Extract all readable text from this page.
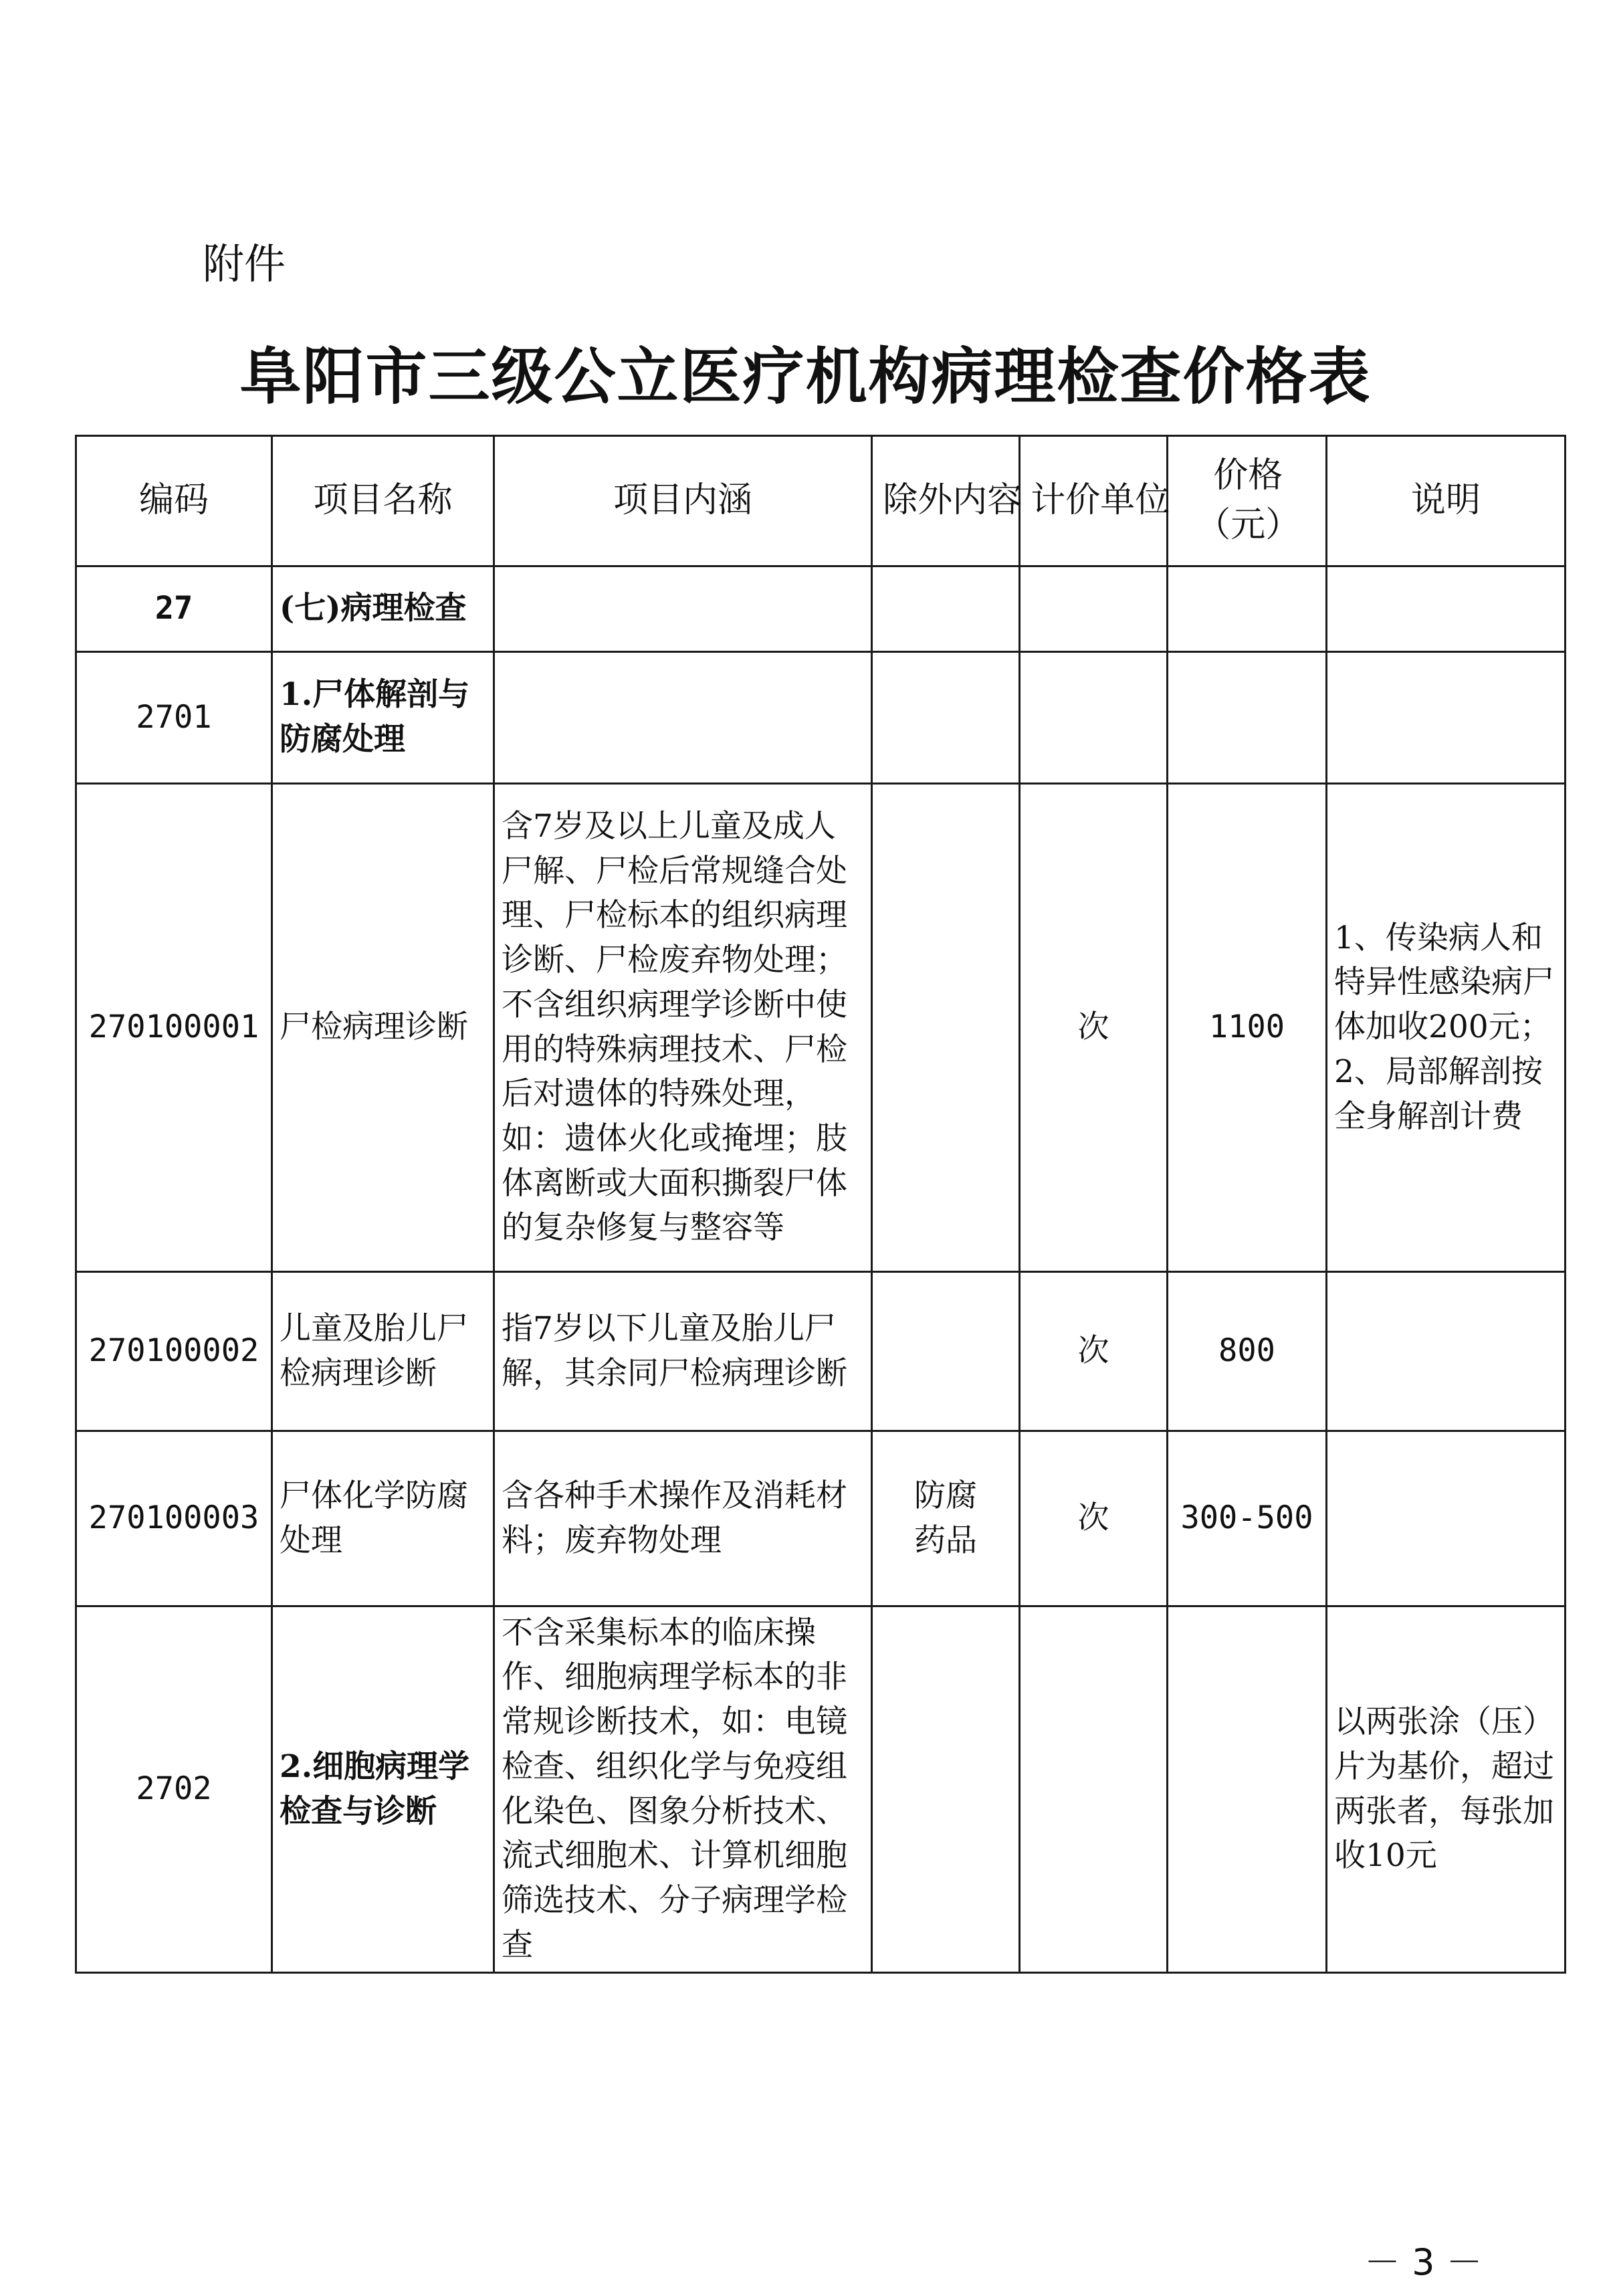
附件
阜阳市三级公立医疗机构病理检查价格表
编码	项目名称	项目内涵	除外内容	计价单位	价格（元）	说明
27	(七)病理检查					
2701	1.尸体解剖与防腐处理					
270100001	尸检病理诊断	含7岁及以上儿童及成人尸解、尸检后常规缝合处理、尸检标本的组织病理诊断、尸检废弃物处理；不含组织病理学诊断中使用的特殊病理技术、尸检后对遗体的特殊处理，如：遗体火化或掩埋；肢体离断或大面积撕裂尸体的复杂修复与整容等		次	1100	1、传染病人和特异性感染病尸体加收200元；2、局部解剖按全身解剖计费
270100002	儿童及胎儿尸检病理诊断	指7岁以下儿童及胎儿尸解，其余同尸检病理诊断		次	800	
270100003	尸体化学防腐处理	含各种手术操作及消耗材料；废弃物处理	防腐药品	次	300-500	
2702	2.细胞病理学检查与诊断	不含采集标本的临床操作、细胞病理学标本的非常规诊断技术，如：电镜检查、组织化学与免疫组化染色、图象分析技术、流式细胞术、计算机细胞筛选技术、分子病理学检查				以两张涂（压）片为基价，超过两张者，每张加收10元
－ 3 －
